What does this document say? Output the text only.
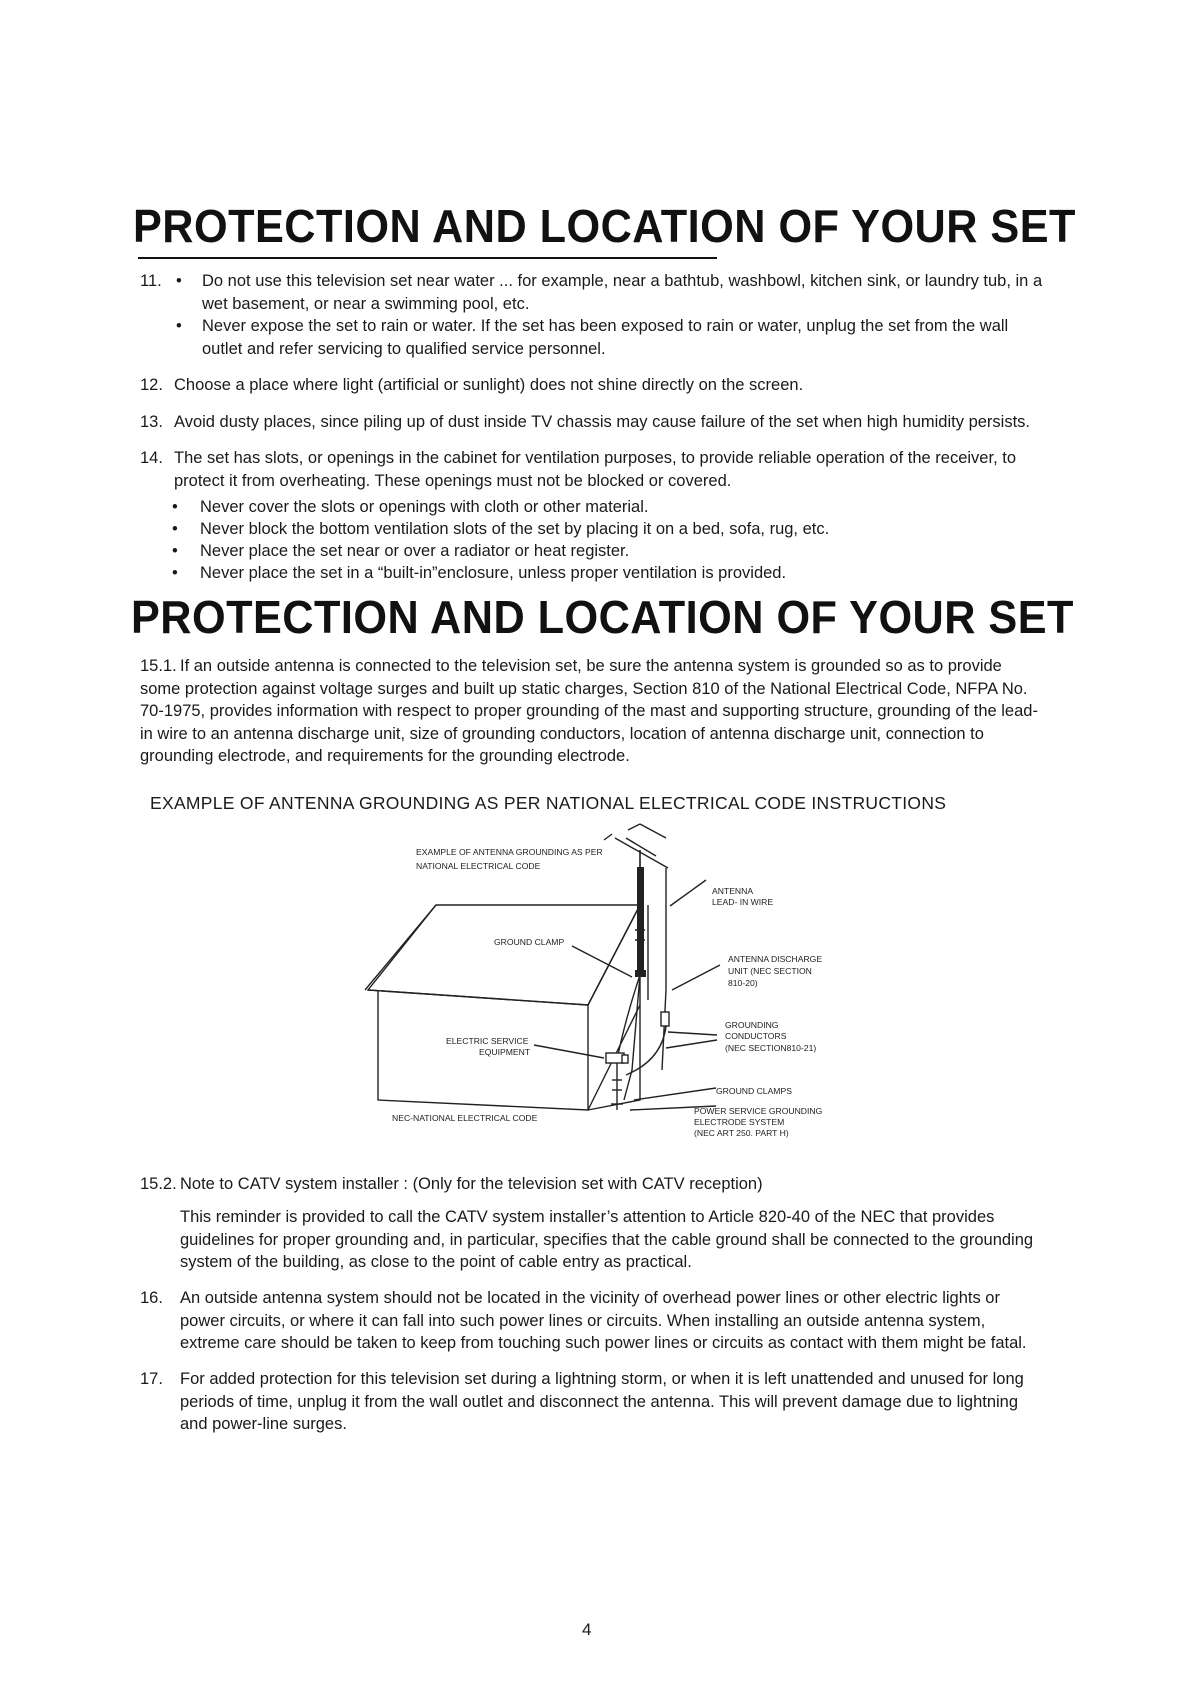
PROTECTION AND LOCATION OF YOUR SET
11. • Do not use this television set near water ... for example, near a bathtub, washbowl, kitchen sink, or laundry tub, in a wet basement, or near a swimming pool, etc.
• Never expose the set to rain or water. If the set has been exposed to rain or water, unplug the set from the wall outlet and refer servicing to qualified service personnel.
12. Choose a place where light (artificial or sunlight) does not shine directly on the screen.
13. Avoid dusty places, since piling up of dust inside TV chassis may cause failure of the set when high humidity persists.
14. The set has slots, or openings in the cabinet for ventilation purposes, to provide reliable operation of the receiver, to protect it from overheating. These openings must not be blocked or covered.
• Never cover the slots or openings with cloth or other material.
• Never block the bottom ventilation slots of the set by placing it on a bed, sofa, rug, etc.
• Never place the set near or over a radiator or heat register.
• Never place the set in a “built-in”enclosure, unless proper ventilation is provided.
PROTECTION AND LOCATION OF YOUR SET
15.1. If an outside antenna is connected to the television set, be sure the antenna system is grounded so as to provide some protection against voltage surges and built up static charges, Section 810 of the National Electrical Code, NFPA No. 70-1975, provides information with respect to proper grounding of the mast and supporting structure, grounding of the lead-in wire to an antenna discharge unit, size of grounding conductors, location of antenna discharge unit, connection to grounding electrode, and requirements for the grounding electrode.
EXAMPLE OF ANTENNA GROUNDING AS PER NATIONAL ELECTRICAL CODE INSTRUCTIONS
EXAMPLE OF ANTENNA GROUNDING AS PER
NATIONAL ELECTRICAL CODE
ANTENNA
LEAD- IN WIRE
GROUND CLAMP
ANTENNA DISCHARGE
UNIT (NEC SECTION
810-20)
GROUNDING
CONDUCTORS
(NEC SECTION810-21)
ELECTRIC SERVICE
EQUIPMENT
GROUND CLAMPS
POWER SERVICE GROUNDING
ELECTRODE SYSTEM
(NEC ART 250. PART H)
NEC-NATIONAL ELECTRICAL CODE
15.2. Note to CATV system installer : (Only for the television set with CATV reception)
This reminder is provided to call the CATV system installer’s attention to Article 820-40 of the NEC that provides guidelines for proper grounding and, in particular, specifies that the cable ground shall be connected to the grounding system of the building, as close to the point of cable entry as practical.
16. An outside antenna system should not be located in the vicinity of overhead power lines or other electric lights or power circuits, or where it can fall into such power lines or circuits. When installing an outside antenna system, extreme care should be taken to keep from touching such power lines or circuits as contact with them might be fatal.
17. For added protection for this television set during a lightning storm, or when it is left unattended and unused for long periods of time, unplug it from the wall outlet and disconnect the antenna. This will prevent damage due to lightning and power-line surges.
4
